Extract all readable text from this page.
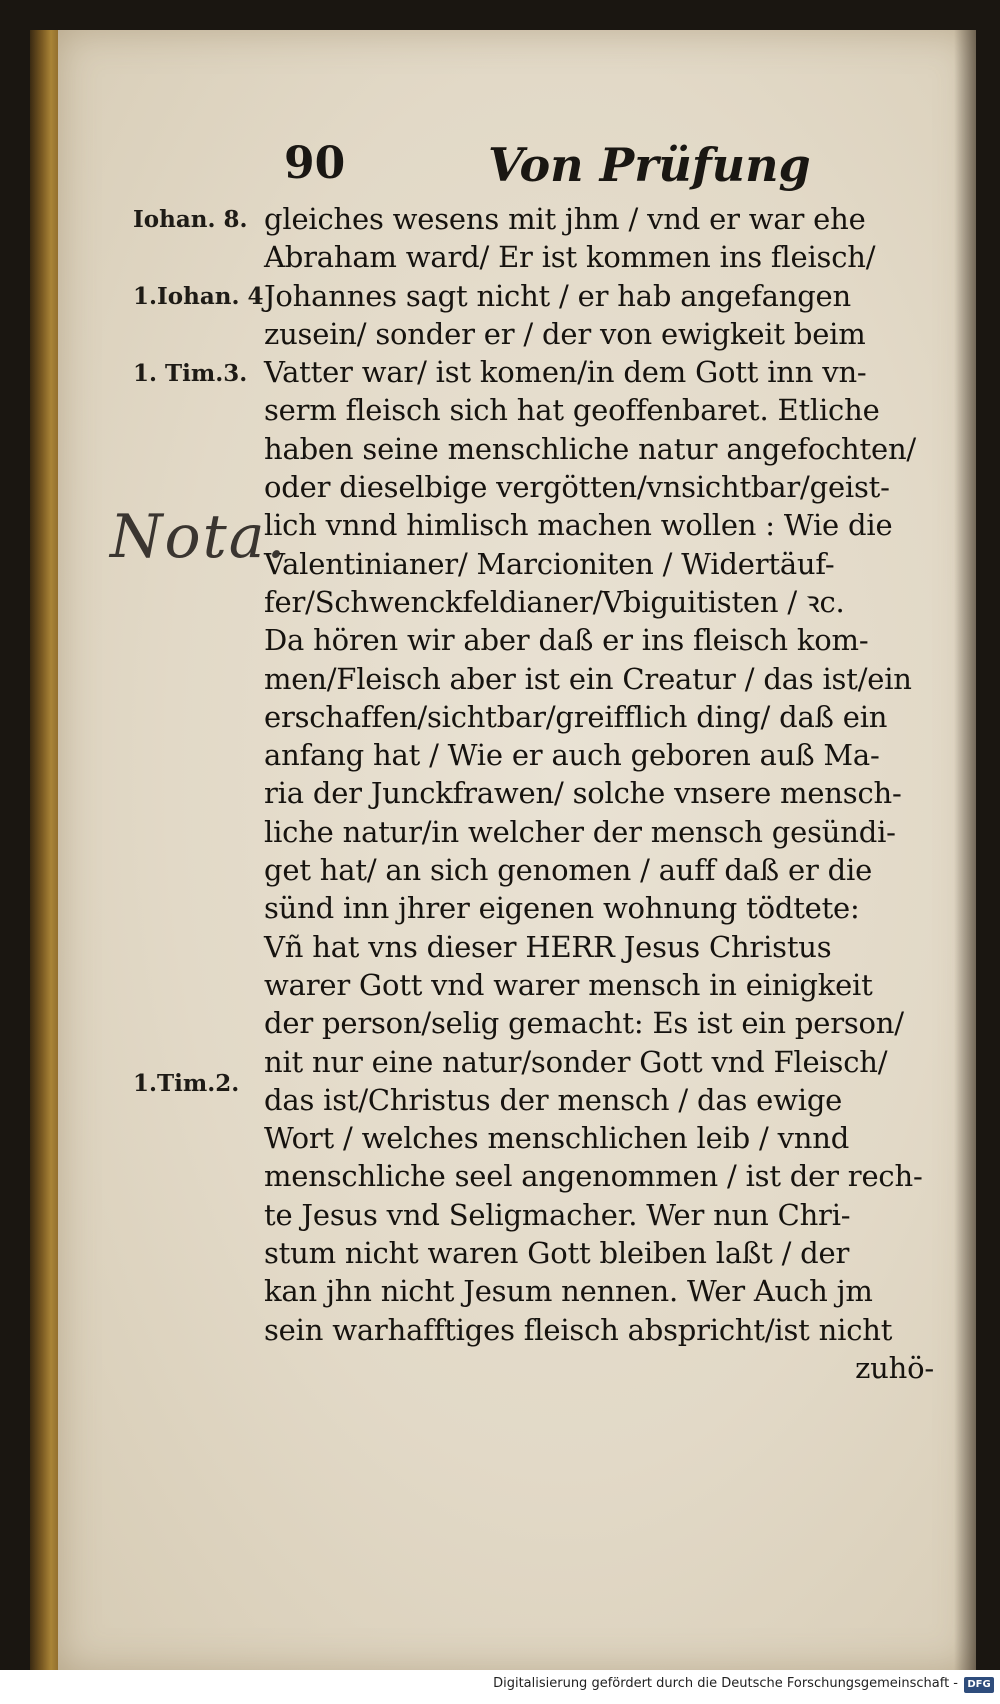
90	Von Prüfung
Iohan. 8.
1.Iohan. 4
1. Tim.3.
1.Tim.2.
Nota.
gleiches wesens mit jhm / vnd er war ehe
Abraham ward/ Er ist kommen ins fleisch/
Johannes sagt nicht / er hab angefangen
zusein/ sonder er / der von ewigkeit beim
Vatter war/ ist komen/in dem Gott inn vn-
serm fleisch sich hat geoffenbaret. Etliche
haben seine menschliche natur angefochten/
oder dieselbige vergötten/vnsichtbar/geist-
lich vnnd himlisch machen wollen : Wie die
Valentinianer/ Marcioniten / Widertäuf-
fer/Schwenckfeldianer/Vbiguitisten / ꝛc.
Da hören wir aber daß er ins fleisch kom-
men/Fleisch aber ist ein Creatur / das ist/ein
erschaffen/sichtbar/greifflich ding/ daß ein
anfang hat / Wie er auch geboren auß Ma-
ria der Junckfrawen/ solche vnsere mensch-
liche natur/in welcher der mensch gesündi-
get hat/ an sich genomen / auff daß er die
sünd inn jhrer eigenen wohnung tödtete:
Vñ hat vns dieser HERR Jesus Christus
warer Gott vnd warer mensch in einigkeit
der person/selig gemacht: Es ist ein person/
nit nur eine natur/sonder Gott vnd Fleisch/
das ist/Christus der mensch / das ewige
Wort / welches menschlichen leib / vnnd
menschliche seel angenommen / ist der rech-
te Jesus vnd Seligmacher. Wer nun Chri-
stum nicht waren Gott bleiben laßt / der
kan jhn nicht Jesum nennen. Wer Auch jm
sein warhafftiges fleisch abspricht/ist nicht
zuhö-
Digitalisierung gefördert durch die Deutsche Forschungsgemeinschaft - DFG
